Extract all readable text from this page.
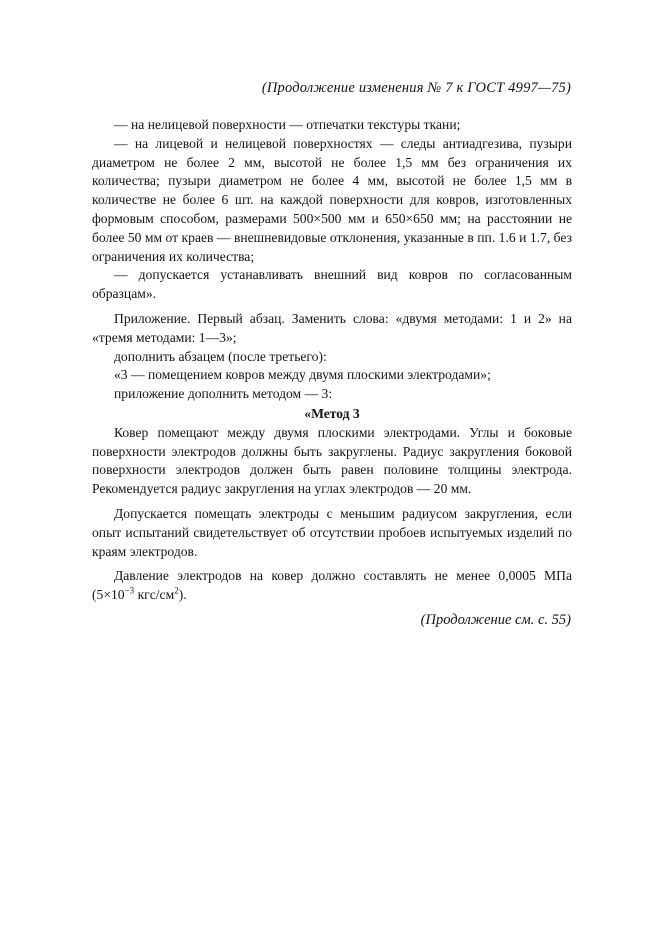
(Продолжение изменения № 7 к ГОСТ 4997—75)

— на нелицевой поверхности — отпечатки текстуры ткани;

— на лицевой и нелицевой поверхностях — следы антиадгезива, пузыри диаметром не более 2 мм, высотой не более 1,5 мм без ограничения их количества; пузыри диаметром не более 4 мм, высотой не более 1,5 мм в количестве не более 6 шт. на каждой поверхности для ковров, изготовленных формовым способом, размерами 500×500 мм и 650×650 мм; на расстоянии не более 50 мм от краев — внешневидовые отклонения, указанные в пп. 1.6 и 1.7, без ограничения их количества;

— допускается устанавливать внешний вид ковров по согласованным образцам».

Приложение. Первый абзац. Заменить слова: «двумя методами: 1 и 2» на «тремя методами: 1—3»;

дополнить абзацем (после третьего):

«3 — помещением ковров между двумя плоскими электродами»;

приложение дополнить методом — 3:

«Метод 3

Ковер помещают между двумя плоскими электродами. Углы и боковые поверхности электродов должны быть закруглены. Радиус закругления боковой поверхности электродов должен быть равен половине толщины электрода. Рекомендуется радиус закругления на углах электродов — 20 мм.

Допускается помещать электроды с меньшим радиусом закругления, если опыт испытаний свидетельствует об отсутствии пробоев испытуемых изделий по краям электродов.

Давление электродов на ковер должно составлять не менее 0,0005 МПа ($5\times 10^{-3}$ кгс/$см^2$).

(Продолжение см. с. 55)
